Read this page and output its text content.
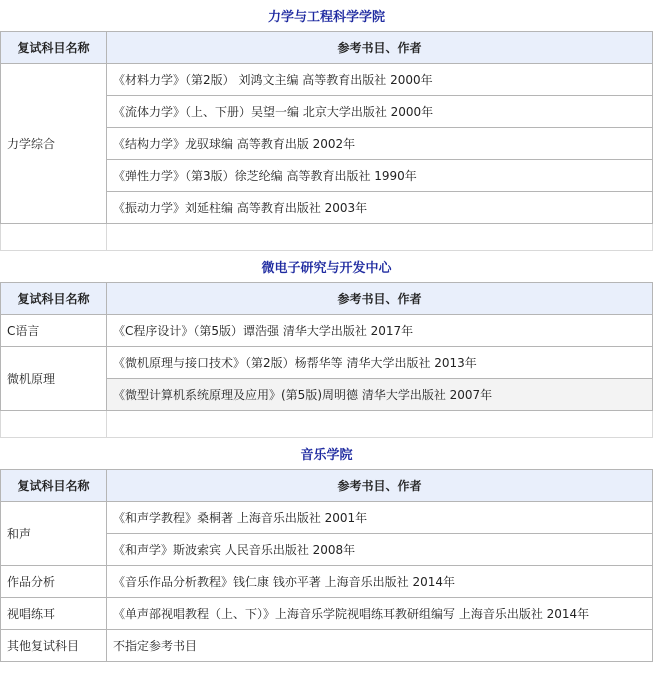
力学与工程科学学院	
复试科目名称	参考书目、作者
力学综合	《材料力学》（第2版） 刘鸿文主编 高等教育出版社 2000年
	《流体力学》（上、下册）吴望一编 北京大学出版社 2000年
	《结构力学》龙驭球编 高等教育出版 2002年
	《弹性力学》（第3版）徐芝纶编 高等教育出版社 1990年
	《振动力学》刘延柱编 高等教育出版社 2003年

微电子研究与开发中心	
复试科目名称	参考书目、作者
C语言	《C程序设计》（第5版）谭浩强 清华大学出版社 2017年
微机原理	《微机原理与接口技术》（第2版）杨帮华等 清华大学出版社 2013年
	《微型计算机系统原理及应用》(第5版)周明德 清华大学出版社 2007年

音乐学院	
复试科目名称	参考书目、作者
和声	《和声学教程》桑桐著 上海音乐出版社 2001年
	《和声学》斯波索宾 人民音乐出版社 2008年
作品分析	《音乐作品分析教程》钱仁康 钱亦平著 上海音乐出版社 2014年
视唱练耳	《单声部视唱教程（上、下）》上海音乐学院视唱练耳教研组编写 上海音乐出版社 2014年
其他复试科目	不指定参考书目
